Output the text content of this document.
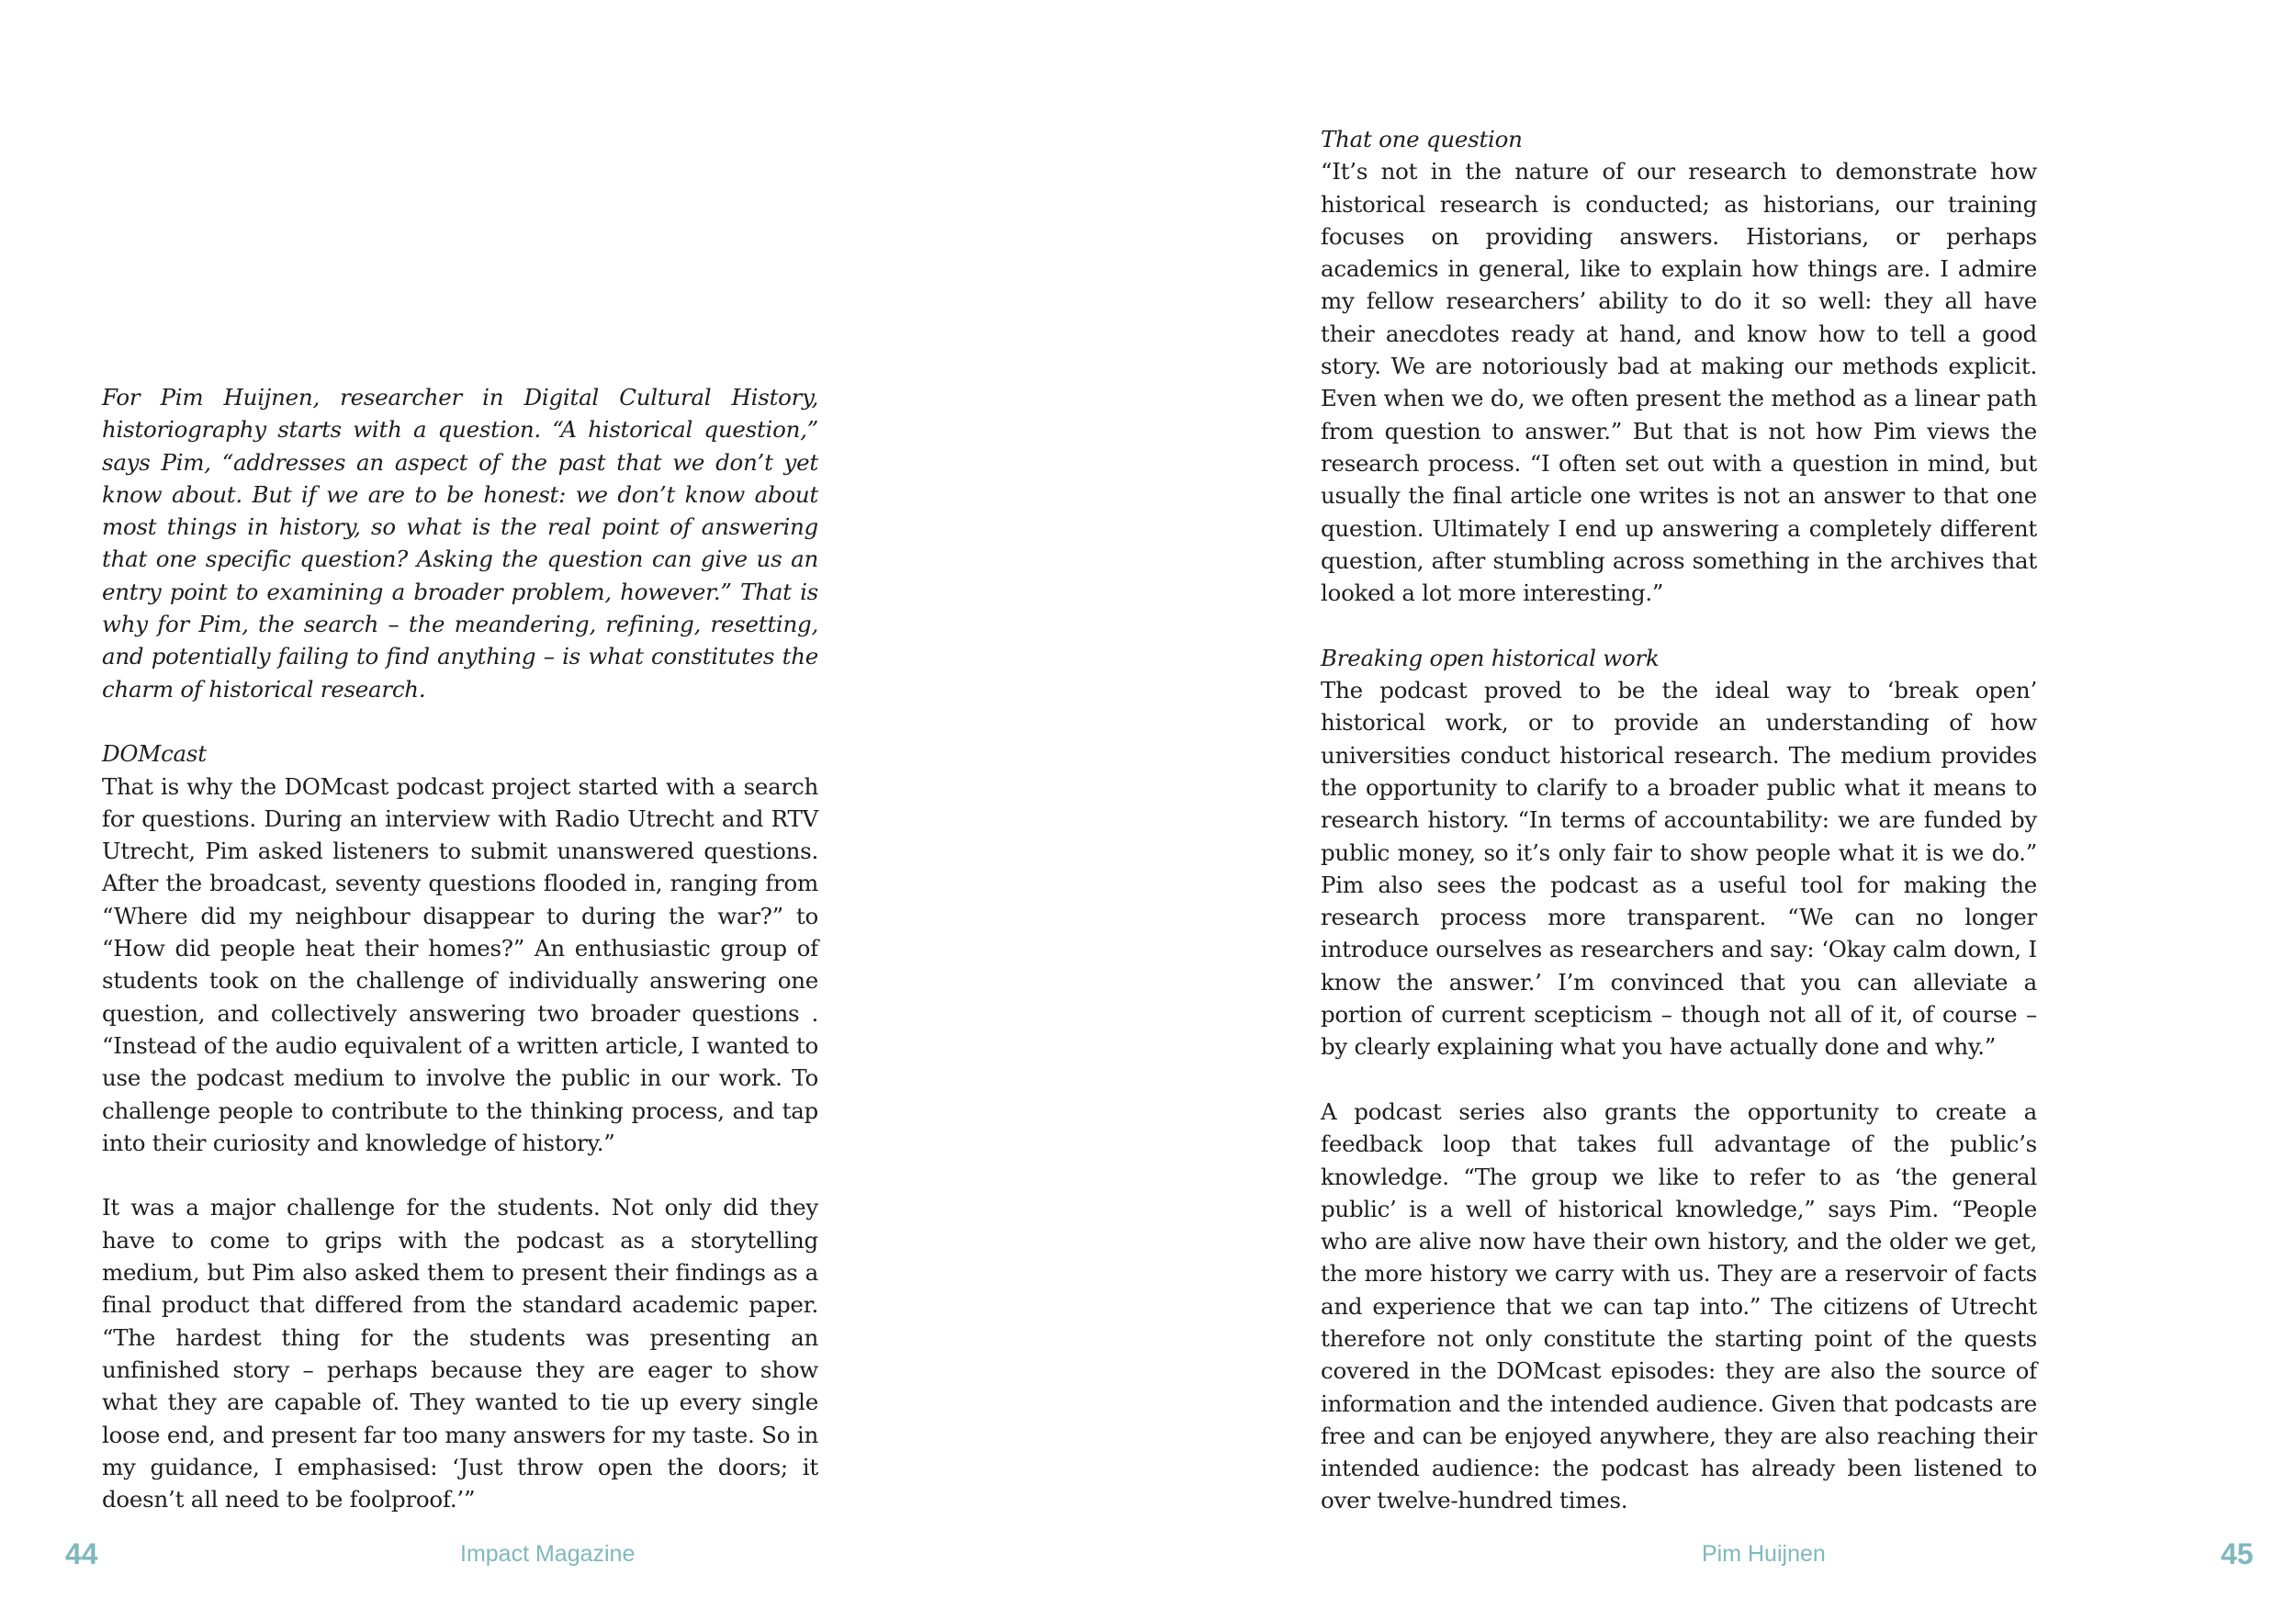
For Pim Huijnen, researcher in Digital Cultural History, historiography starts with a question. “A historical question,” says Pim, “addresses an aspect of the past that we don’t yet know about. But if we are to be honest: we don’t know about most things in history, so what is the real point of answering that one specific question? Asking the question can give us an entry point to examining a broader problem, however.” That is why for Pim, the search – the meandering, refining, resetting, and potentially failing to find anything – is what constitutes the charm of historical research.

DOMcast

That is why the DOMcast podcast project started with a search for questions. During an interview with Radio Utrecht and RTV Utrecht, Pim asked listeners to submit unanswered questions. After the broadcast, seventy questions flooded in, ranging from “Where did my neighbour disappear to during the war?” to “How did people heat their homes?” An enthusiastic group of students took on the challenge of individually answering one question, and collectively answering two broader questions . “Instead of the audio equivalent of a written article, I wanted to use the podcast medium to involve the public in our work. To challenge people to contribute to the thinking process, and tap into their curiosity and knowledge of history.”

It was a major challenge for the students. Not only did they have to come to grips with the podcast as a storytelling medium, but Pim also asked them to present their findings as a final product that differed from the standard academic paper. “The hardest thing for the students was presenting an unfinished story – perhaps because they are eager to show what they are capable of. They wanted to tie up every single loose end, and present far too many answers for my taste. So in my guidance, I emphasised: ‘Just throw open the doors; it doesn’t all need to be foolproof.’”

That one question

“It’s not in the nature of our research to demonstrate how historical research is conducted; as historians, our training focuses on providing answers. Historians, or perhaps academics in general, like to explain how things are. I admire my fellow researchers’ ability to do it so well: they all have their anecdotes ready at hand, and know how to tell a good story. We are notoriously bad at making our methods explicit. Even when we do, we often present the method as a linear path from question to answer.” But that is not how Pim views the research process. “I often set out with a question in mind, but usually the final article one writes is not an answer to that one question. Ultimately I end up answering a completely different question, after stumbling across something in the archives that looked a lot more interesting.”

Breaking open historical work

The podcast proved to be the ideal way to ‘break open’ historical work, or to provide an understanding of how universities conduct historical research. The medium provides the opportunity to clarify to a broader public what it means to research history. “In terms of accountability: we are funded by public money, so it’s only fair to show people what it is we do.” Pim also sees the podcast as a useful tool for making the research process more transparent. “We can no longer introduce ourselves as researchers and say: ‘Okay calm down, I know the answer.’ I’m convinced that you can alleviate a portion of current scepticism – though not all of it, of course – by clearly explaining what you have actually done and why.”

A podcast series also grants the opportunity to create a feedback loop that takes full advantage of the public’s knowledge. “The group we like to refer to as ‘the general public’ is a well of historical knowledge,” says Pim. “People who are alive now have their own history, and the older we get, the more history we carry with us. They are a reservoir of facts and experience that we can tap into.” The citizens of Utrecht therefore not only constitute the starting point of the quests covered in the DOMcast episodes: they are also the source of information and the intended audience. Given that podcasts are free and can be enjoyed anywhere, they are also reaching their intended audience: the podcast has already been listened to over twelve-hundred times.

44	Impact Magazine	Pim Huijnen	45
